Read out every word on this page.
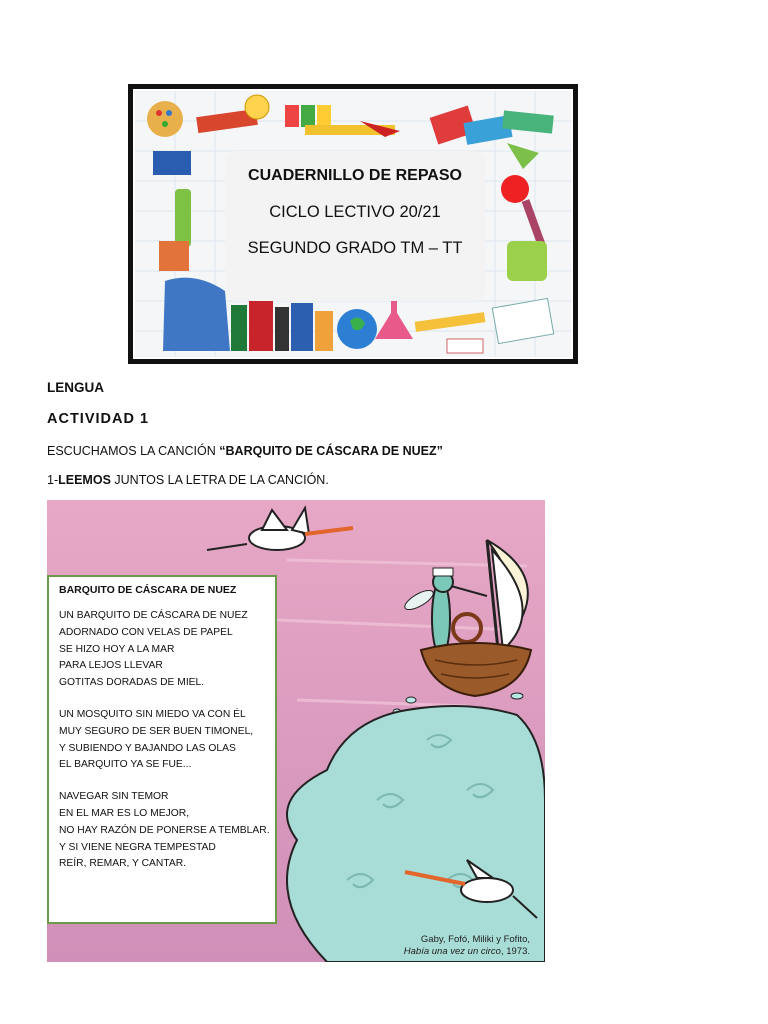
CUADERNILLO DE REPASO
CICLO LECTIVO 20/21
SEGUNDO GRADO TM – TT
LENGUA
ACTIVIDAD 1
ESCUCHAMOS LA CANCIÓN “BARQUITO DE CÁSCARA DE NUEZ”
1-LEEMOS JUNTOS LA LETRA DE LA CANCIÓN.
Gaby, Fofó, Miliki y Fofito,
Había una vez un circo, 1973.
BARQUITO DE CÁSCARA DE NUEZ
UN BARQUITO DE CÁSCARA DE NUEZ
ADORNADO CON VELAS DE PAPEL
SE HIZO HOY A LA MAR
PARA LEJOS LLEVAR
GOTITAS DORADAS DE MIEL.
UN MOSQUITO SIN MIEDO VA CON ÉL
MUY SEGURO DE SER BUEN TIMONEL,
Y SUBIENDO Y BAJANDO LAS OLAS
EL BARQUITO YA SE FUE...
NAVEGAR SIN TEMOR
EN EL MAR ES LO MEJOR,
NO HAY RAZÓN DE PONERSE A TEMBLAR.
Y SI VIENE NEGRA TEMPESTAD
REÍR, REMAR, Y CANTAR.
